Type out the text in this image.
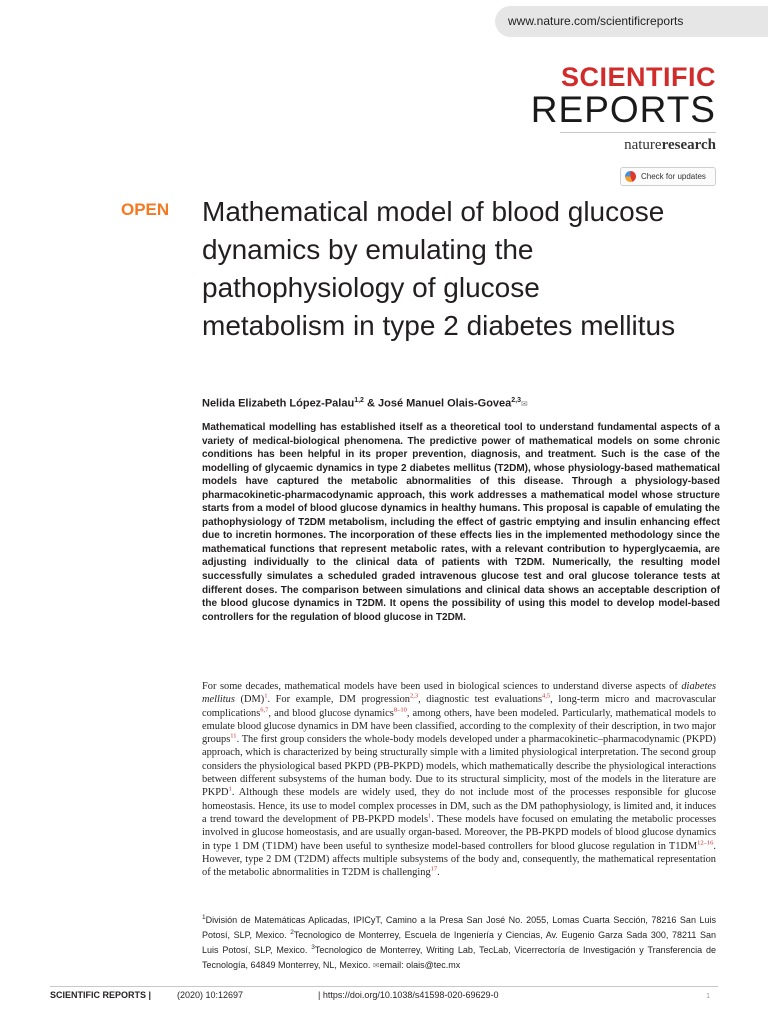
www.nature.com/scientificreports
SCIENTIFIC
REPORTS
natureresearch
Check for updates
OPEN Mathematical model of blood glucose dynamics by emulating the pathophysiology of glucose metabolism in type 2 diabetes mellitus
Nelida Elizabeth López-Palau$^{1,2}$ & José Manuel Olais-Govea$^{2,3}$✉

Mathematical modelling has established itself as a theoretical tool to understand fundamental aspects of a variety of medical-biological phenomena. The predictive power of mathematical models on some chronic conditions has been helpful in its proper prevention, diagnosis, and treatment. Such is the case of the modelling of glycaemic dynamics in type 2 diabetes mellitus (T2DM), whose physiology-based mathematical models have captured the metabolic abnormalities of this disease. Through a physiology-based pharmacokinetic-pharmacodynamic approach, this work addresses a mathematical model whose structure starts from a model of blood glucose dynamics in healthy humans. This proposal is capable of emulating the pathophysiology of T2DM metabolism, including the effect of gastric emptying and insulin enhancing effect due to incretin hormones. The incorporation of these effects lies in the implemented methodology since the mathematical functions that represent metabolic rates, with a relevant contribution to hyperglycaemia, are adjusting individually to the clinical data of patients with T2DM. Numerically, the resulting model successfully simulates a scheduled graded intravenous glucose test and oral glucose tolerance tests at different doses. The comparison between simulations and clinical data shows an acceptable description of the blood glucose dynamics in T2DM. It opens the possibility of using this model to develop model-based controllers for the regulation of blood glucose in T2DM.

For some decades, mathematical models have been used in biological sciences to understand diverse aspects of diabetes mellitus (DM)$^1$. For example, DM progression$^{2,3}$, diagnostic test evaluations$^{4,5}$, long-term micro and macrovascular complications$^{6,7}$, and blood glucose dynamics$^{8-10}$, among others, have been modeled. Particularly, mathematical models to emulate blood glucose dynamics in DM have been classified, according to the complexity of their description, in two major groups$^{11}$. The first group considers the whole-body models developed under a pharmacokinetic–pharmacodynamic (PKPD) approach, which is characterized by being structurally simple with a limited physiological interpretation. The second group considers the physiological based PKPD (PB-PKPD) models, which mathematically describe the physiological interactions between different subsystems of the human body. Due to its structural simplicity, most of the models in the literature are PKPD$^1$. Although these models are widely used, they do not include most of the processes responsible for glucose homeostasis. Hence, its use to model complex processes in DM, such as the DM pathophysiology, is limited and, it induces a trend toward the development of PB-PKPD models$^1$. These models have focused on emulating the metabolic processes involved in glucose homeostasis, and are usually organ-based. Moreover, the PB-PKPD models of blood glucose dynamics in type 1 DM (T1DM) have been useful to synthesize model-based controllers for blood glucose regulation in T1DM$^{12-16}$. However, type 2 DM (T2DM) affects multiple subsystems of the body and, consequently, the mathematical representation of the metabolic abnormalities in T2DM is challenging$^{17}$.

$^1$División de Matemáticas Aplicadas, IPICyT, Camino a la Presa San José No. 2055, Lomas Cuarta Sección, 78216 San Luis Potosí, SLP, Mexico. $^2$Tecnologico de Monterrey, Escuela de Ingeniería y Ciencias, Av. Eugenio Garza Sada 300, 78211 San Luis Potosí, SLP, Mexico. $^3$Tecnologico de Monterrey, Writing Lab, TecLab, Vicerrectoría de Investigación y Transferencia de Tecnología, 64849 Monterrey, NL, Mexico. ✉email: olais@tec.mx

SCIENTIFIC REPORTS |	(2020) 10:12697	| https://doi.org/10.1038/s41598-020-69629-0	1
